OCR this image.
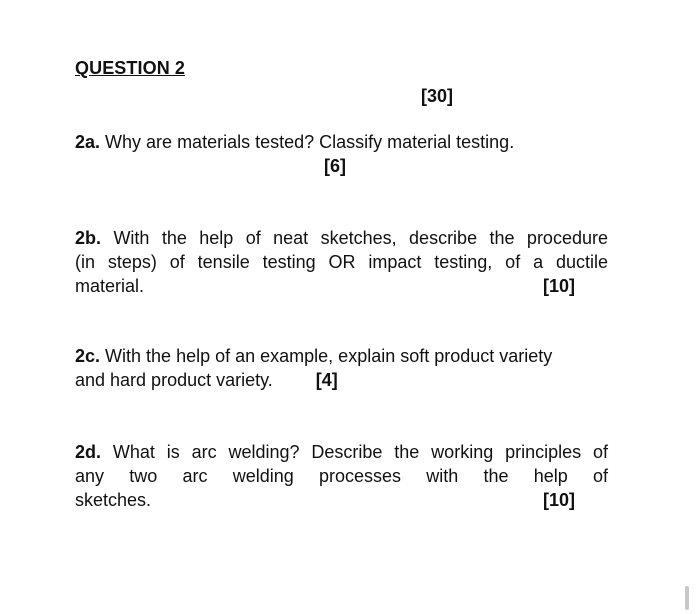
QUESTION 2
[30]
2a. Why are materials tested? Classify material testing.
[6]
2b. With the help of neat sketches, describe the procedure
(in steps) of tensile testing OR impact testing, of a ductile
material.	[10]
2c. With the help of an example, explain soft product variety
and hard product variety. [4]
2d. What is arc welding? Describe the working principles of
any two arc welding processes with the help of
sketches.	[10]
